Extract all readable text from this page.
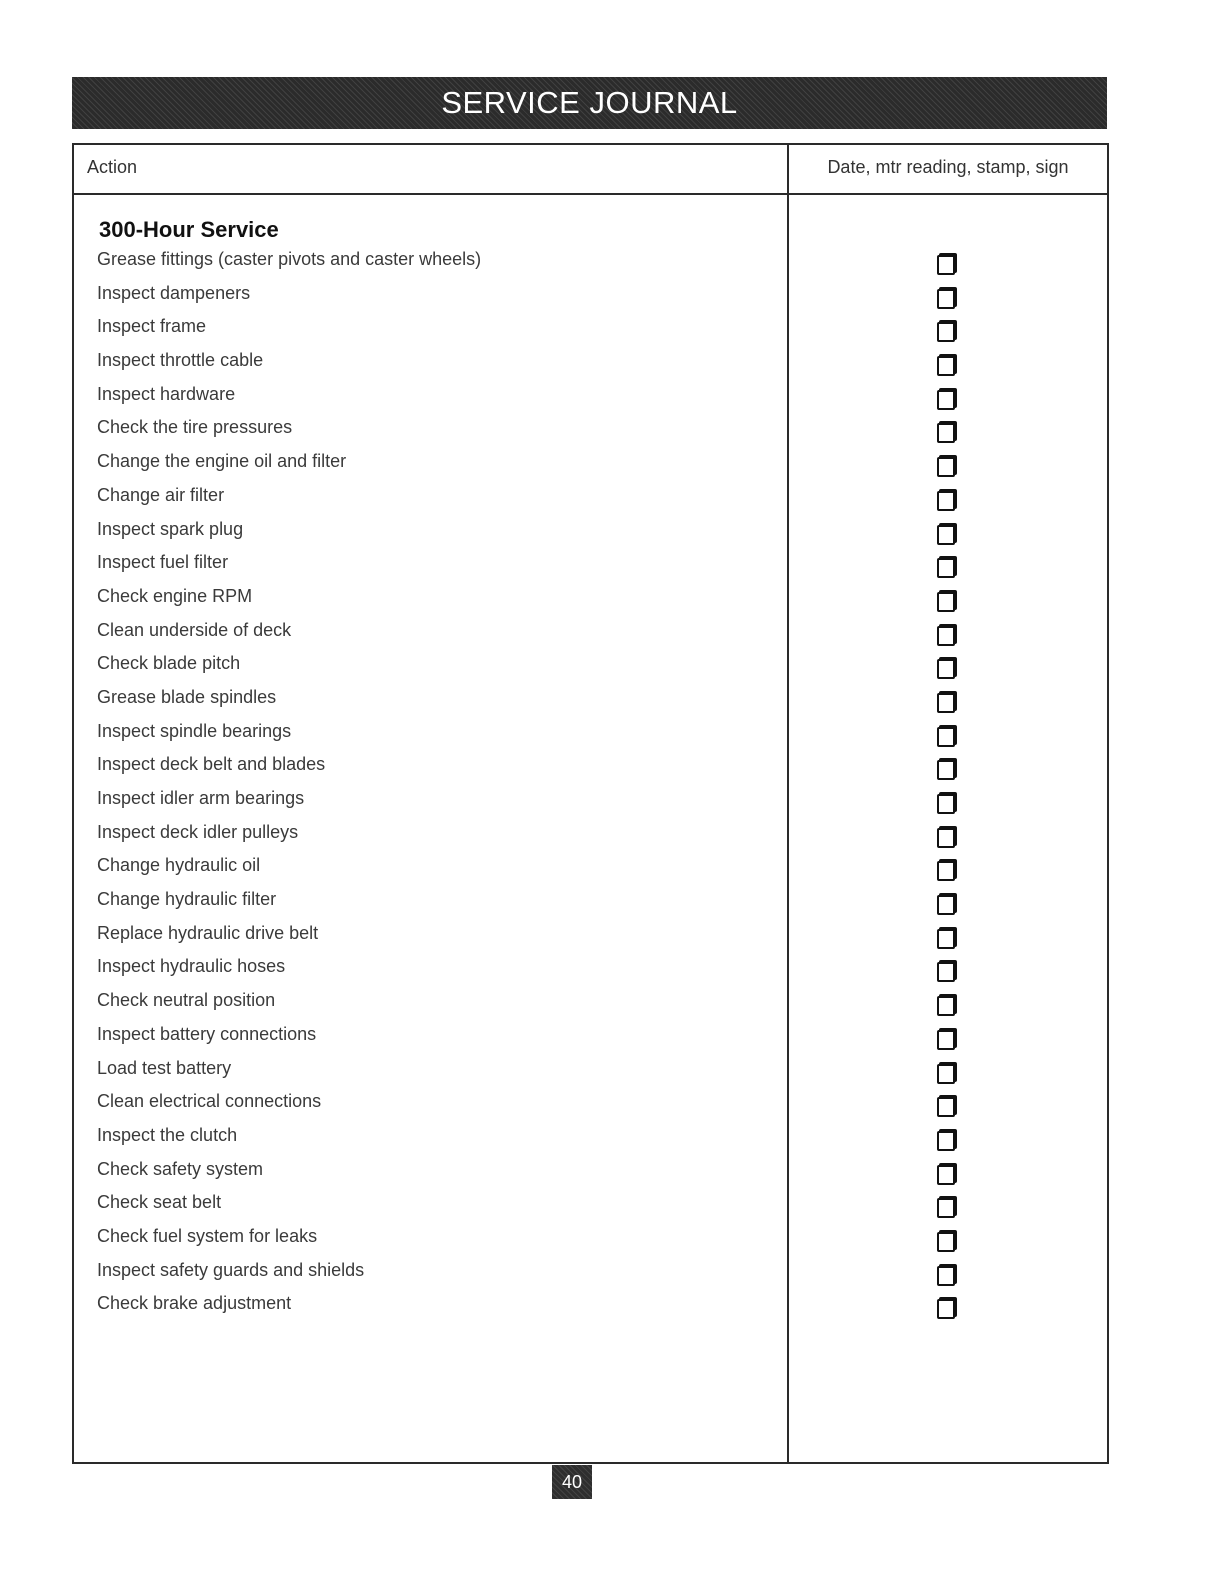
SERVICE JOURNAL
Action	Date, mtr reading, stamp, sign
300-Hour Service
Grease fittings (caster pivots and caster wheels)
Inspect dampeners
Inspect frame
Inspect throttle cable
Inspect hardware
Check the tire pressures
Change the engine oil and filter
Change air filter
Inspect spark plug
Inspect fuel filter
Check engine RPM
Clean underside of deck
Check blade pitch
Grease blade spindles
Inspect spindle bearings
Inspect deck belt and blades
Inspect idler arm bearings
Inspect deck idler pulleys
Change hydraulic oil
Change hydraulic filter
Replace hydraulic drive belt
Inspect hydraulic hoses
Check neutral position
Inspect battery connections
Load test battery
Clean electrical connections
Inspect the clutch
Check safety system
Check seat belt
Check fuel system for leaks
Inspect safety guards and shields
Check brake adjustment
40
